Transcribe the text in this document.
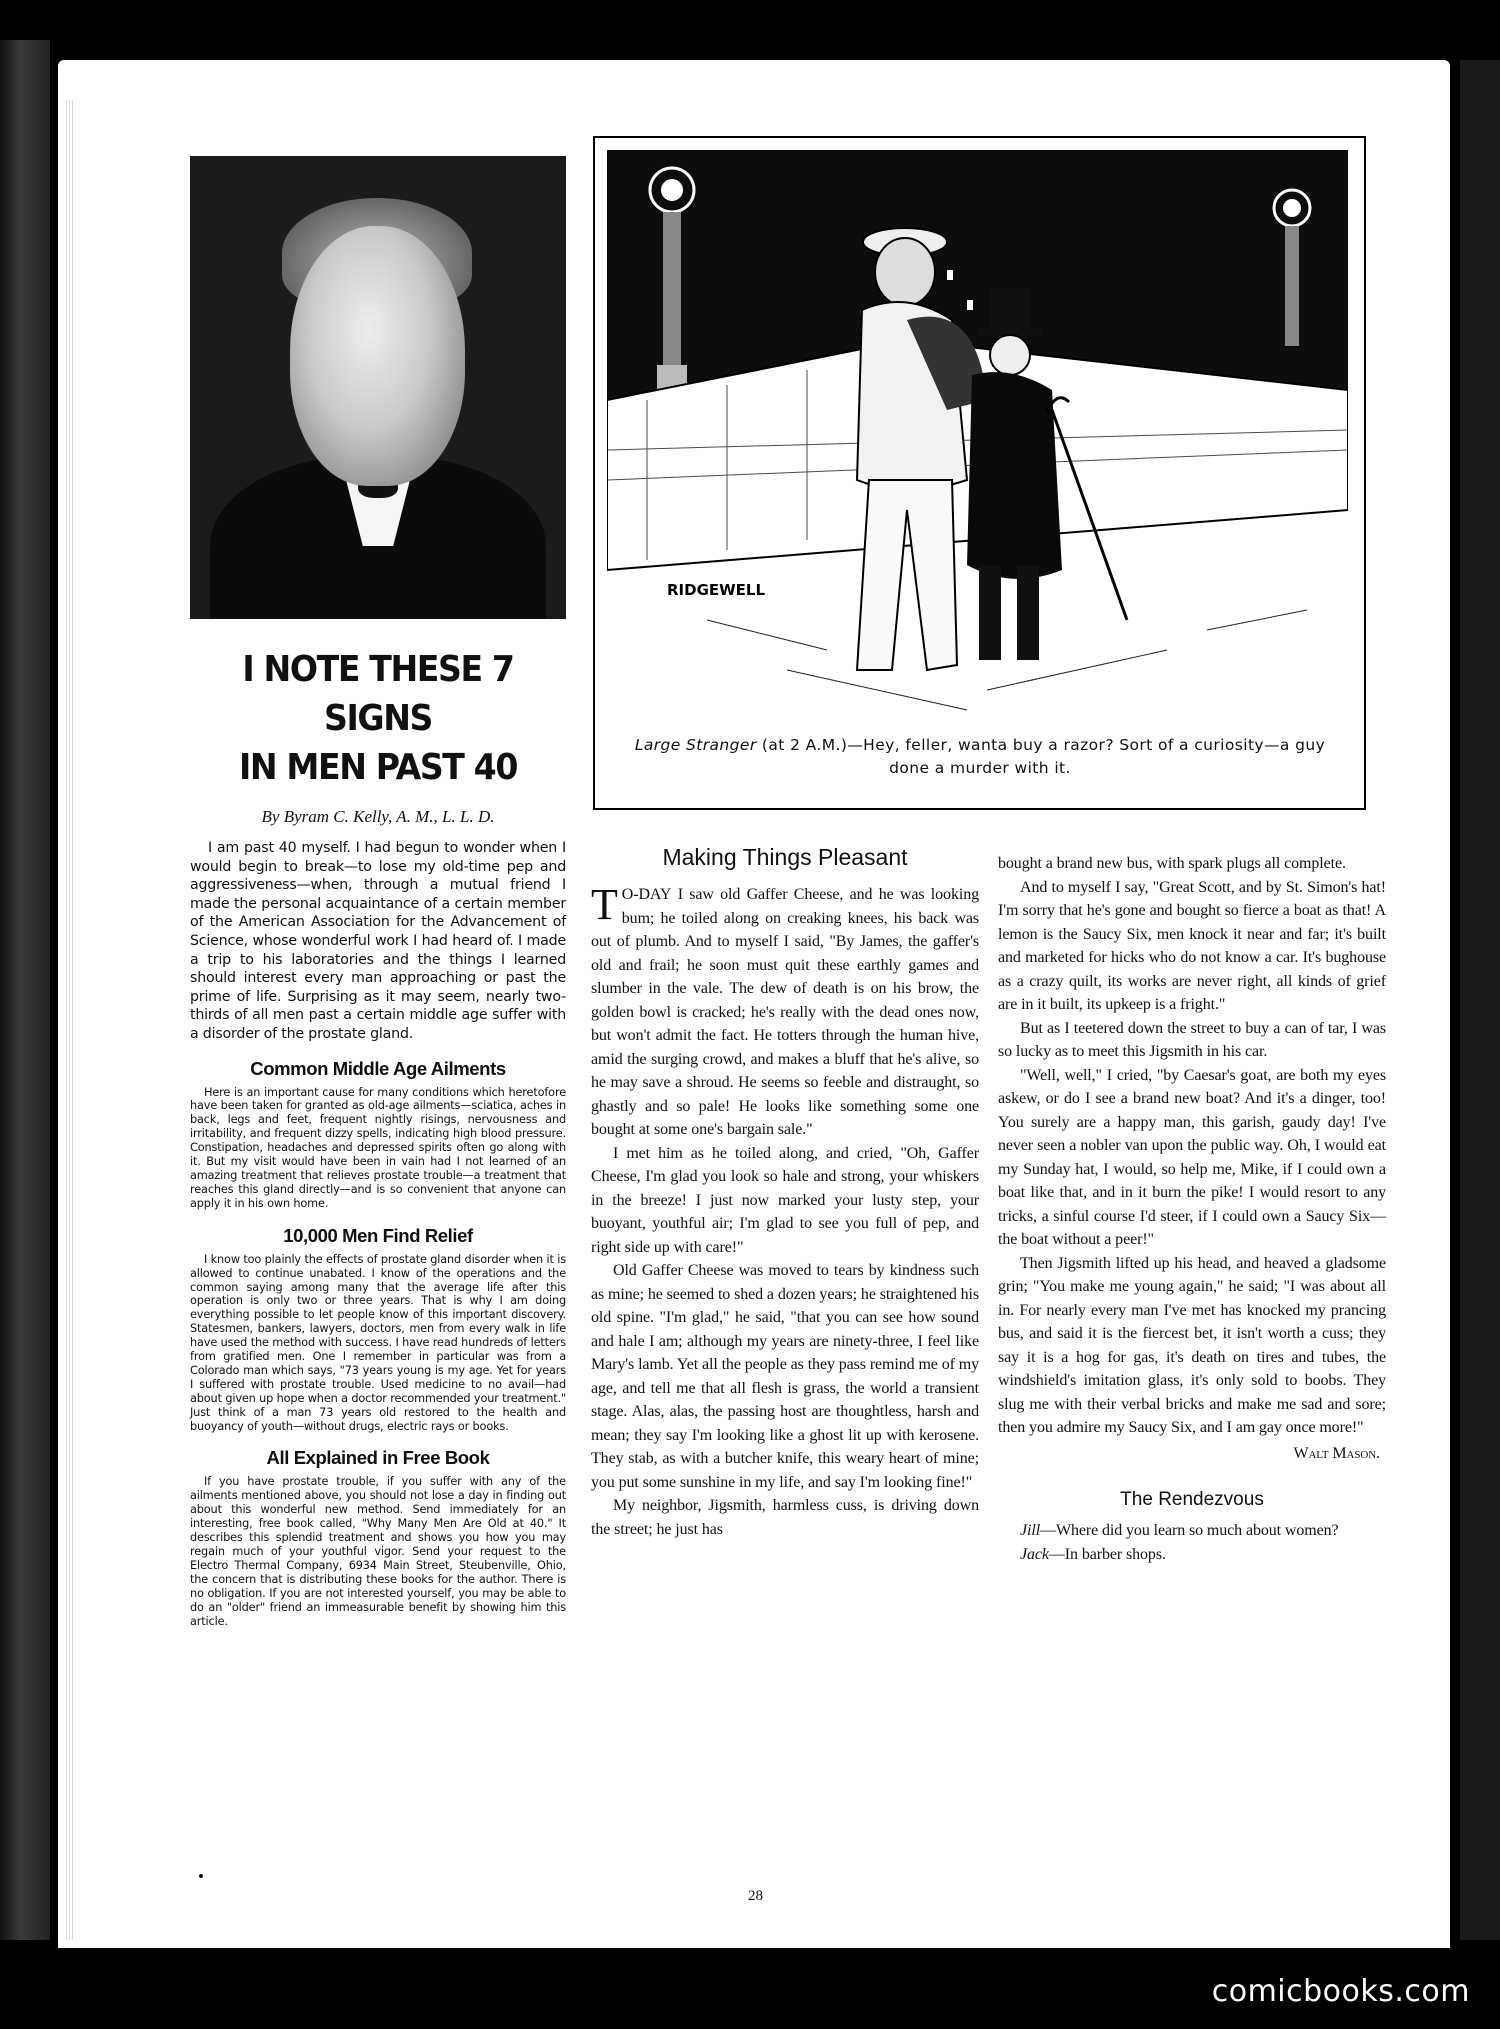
I NOTE THESE 7 SIGNS
IN MEN PAST 40
By Byram C. Kelly, A. M., L. L. D.

I am past 40 myself. I had begun to wonder when I would begin to break—to lose my old-time pep and aggressiveness—when, through a mutual friend I made the personal acquaintance of a certain member of the American Association for the Advancement of Science, whose wonderful work I had heard of. I made a trip to his laboratories and the things I learned should interest every man approaching or past the prime of life. Surprising as it may seem, nearly two-thirds of all men past a certain middle age suffer with a disorder of the prostate gland.

Common Middle Age Ailments

Here is an important cause for many conditions which heretofore have been taken for granted as old-age ailments—sciatica, aches in back, legs and feet, frequent nightly risings, nervousness and irritability, and frequent dizzy spells, indicating high blood pressure. Constipation, headaches and depressed spirits often go along with it. But my visit would have been in vain had I not learned of an amazing treatment that relieves prostate trouble—a treatment that reaches this gland directly—and is so convenient that anyone can apply it in his own home.

10,000 Men Find Relief

I know too plainly the effects of prostate gland disorder when it is allowed to continue unabated. I know of the operations and the common saying among many that the average life after this operation is only two or three years. That is why I am doing everything possible to let people know of this important discovery. Statesmen, bankers, lawyers, doctors, men from every walk in life have used the method with success. I have read hundreds of letters from gratified men. One I remember in particular was from a Colorado man which says, "73 years young is my age. Yet for years I suffered with prostate trouble. Used medicine to no avail—had about given up hope when a doctor recommended your treatment." Just think of a man 73 years old restored to the health and buoyancy of youth—without drugs, electric rays or books.

All Explained in Free Book

If you have prostate trouble, if you suffer with any of the ailments mentioned above, you should not lose a day in finding out about this wonderful new method. Send immediately for an interesting, free book called, "Why Many Men Are Old at 40." It describes this splendid treatment and shows you how you may regain much of your youthful vigor. Send your request to the Electro Thermal Company, 6934 Main Street, Steubenville, Ohio, the concern that is distributing these books for the author. There is no obligation. If you are not interested yourself, you may be able to do an "older" friend an immeasurable benefit by showing him this article.

RIDGEWELL
Large Stranger (at 2 A.M.)—Hey, feller, wanta buy a razor? Sort of a curiosity—a guy done a murder with it.
Making Things Pleasant

T O-DAY I saw old Gaffer Cheese, and he was looking bum; he toiled along on creaking knees, his back was out of plumb. And to myself I said, "By James, the gaffer's old and frail; he soon must quit these earthly games and slumber in the vale. The dew of death is on his brow, the golden bowl is cracked; he's really with the dead ones now, but won't admit the fact. He totters through the human hive, amid the surging crowd, and makes a bluff that he's alive, so he may save a shroud. He seems so feeble and distraught, so ghastly and so pale! He looks like something some one bought at some one's bargain sale."

I met him as he toiled along, and cried, "Oh, Gaffer Cheese, I'm glad you look so hale and strong, your whiskers in the breeze! I just now marked your lusty step, your buoyant, youthful air; I'm glad to see you full of pep, and right side up with care!"

Old Gaffer Cheese was moved to tears by kindness such as mine; he seemed to shed a dozen years; he straightened his old spine. "I'm glad," he said, "that you can see how sound and hale I am; although my years are ninety-three, I feel like Mary's lamb. Yet all the people as they pass remind me of my age, and tell me that all flesh is grass, the world a transient stage. Alas, alas, the passing host are thoughtless, harsh and mean; they say I'm looking like a ghost lit up with kerosene. They stab, as with a butcher knife, this weary heart of mine; you put some sunshine in my life, and say I'm looking fine!"

My neighbor, Jigsmith, harmless cuss, is driving down the street; he just has

bought a brand new bus, with spark plugs all complete.

And to myself I say, "Great Scott, and by St. Simon's hat! I'm sorry that he's gone and bought so fierce a boat as that! A lemon is the Saucy Six, men knock it near and far; it's built and marketed for hicks who do not know a car. It's bughouse as a crazy quilt, its works are never right, all kinds of grief are in it built, its upkeep is a fright."

But as I teetered down the street to buy a can of tar, I was so lucky as to meet this Jigsmith in his car.

"Well, well," I cried, "by Caesar's goat, are both my eyes askew, or do I see a brand new boat? And it's a dinger, too! You surely are a happy man, this garish, gaudy day! I've never seen a nobler van upon the public way. Oh, I would eat my Sunday hat, I would, so help me, Mike, if I could own a boat like that, and in it burn the pike! I would resort to any tricks, a sinful course I'd steer, if I could own a Saucy Six—the boat without a peer!"

Then Jigsmith lifted up his head, and heaved a gladsome grin; "You make me young again," he said; "I was about all in. For nearly every man I've met has knocked my prancing bus, and said it is the fiercest bet, it isn't worth a cuss; they say it is a hog for gas, it's death on tires and tubes, the windshield's imitation glass, it's only sold to boobs. They slug me with their verbal bricks and make me sad and sore; then you admire my Saucy Six, and I am gay once more!"

Walt Mason.

The Rendezvous

Jill—Where did you learn so much about women?

Jack—In barber shops.

28
comicbooks.com
